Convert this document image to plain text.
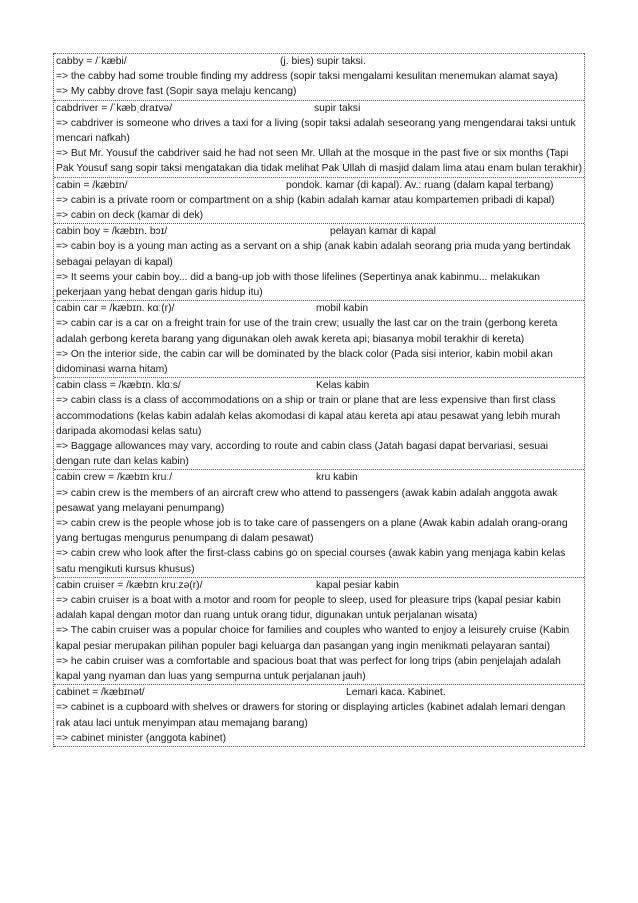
cabby = /ˈkæbi/	(j. bies) supir taksi.
=> the cabby had some trouble finding my address (sopir taksi mengalami kesulitan menemukan alamat saya)
=> My cabby drove fast (Sopir saya melaju kencang)
cabdriver = /ˈkæbˌdraɪvə/	supir taksi
=> cabdriver is someone who drives a taxi for a living (sopir taksi adalah seseorang yang mengendarai taksi untuk mencari nafkah)
=> But Mr. Yousuf the cabdriver said he had not seen Mr. Ullah at the mosque in the past five or six months (Tapi Pak Yousuf sang sopir taksi mengatakan dia tidak melihat Pak Ullah di masjid dalam lima atau enam bulan terakhir)
cabin = /kæbɪn/	pondok. kamar (di kapal). Av.: ruang (dalam kapal terbang)
=> cabin is a private room or compartment on a ship (kabin adalah kamar atau kompartemen pribadi di kapal)
=> cabin on deck (kamar di dek)
cabin boy = /kæbɪn. bɔɪ/	pelayan kamar di kapal
=> cabin boy is a young man acting as a servant on a ship (anak kabin adalah seorang pria muda yang bertindak sebagai pelayan di kapal)
=> It seems your cabin boy... did a bang-up job with those lifelines (Sepertinya anak kabinmu... melakukan pekerjaan yang hebat dengan garis hidup itu)
cabin car = /kæbɪn. kɑː(r)/	mobil kabin
=> cabin car is a car on a freight train for use of the train crew; usually the last car on the train (gerbong kereta adalah gerbong kereta barang yang digunakan oleh awak kereta api; biasanya mobil terakhir di kereta)
=> On the interior side, the cabin car will be dominated by the black color (Pada sisi interior, kabin mobil akan didominasi warna hitam)
cabin class = /kæbɪn. klɑːs/	Kelas kabin
=> cabin class is a class of accommodations on a ship or train or plane that are less expensive than first class accommodations (kelas kabin adalah kelas akomodasi di kapal atau kereta api atau pesawat yang lebih murah daripada akomodasi kelas satu)
=> Baggage allowances may vary, according to route and cabin class (Jatah bagasi dapat bervariasi, sesuai dengan rute dan kelas kabin)
cabin crew = /kæbɪn kruː/	kru kabin
=> cabin crew is the members of an aircraft crew who attend to passengers (awak kabin adalah anggota awak pesawat yang melayani penumpang)
=> cabin crew is the people whose job is to take care of passengers on a plane (Awak kabin adalah orang-orang yang bertugas mengurus penumpang di dalam pesawat)
=> cabin crew who look after the first-class cabins go on special courses (awak kabin yang menjaga kabin kelas satu mengikuti kursus khusus)
cabin cruiser = /kæbɪn kruːzə(r)/	kapal pesiar kabin
=> cabin cruiser is a boat with a motor and room for people to sleep, used for pleasure trips (kapal pesiar kabin adalah kapal dengan motor dan ruang untuk orang tidur, digunakan untuk perjalanan wisata)
=> The cabin cruiser was a popular choice for families and couples who wanted to enjoy a leisurely cruise (Kabin kapal pesiar merupakan pilihan populer bagi keluarga dan pasangan yang ingin menikmati pelayaran santai)
=> he cabin cruiser was a comfortable and spacious boat that was perfect for long trips (abin penjelajah adalah kapal yang nyaman dan luas yang sempurna untuk perjalanan jauh)
cabinet = /kæbɪnət/	Lemari kaca. Kabinet.
=> cabinet is a cupboard with shelves or drawers for storing or displaying articles (kabinet adalah lemari dengan rak atau laci untuk menyimpan atau memajang barang)
=> cabinet minister (anggota kabinet)
